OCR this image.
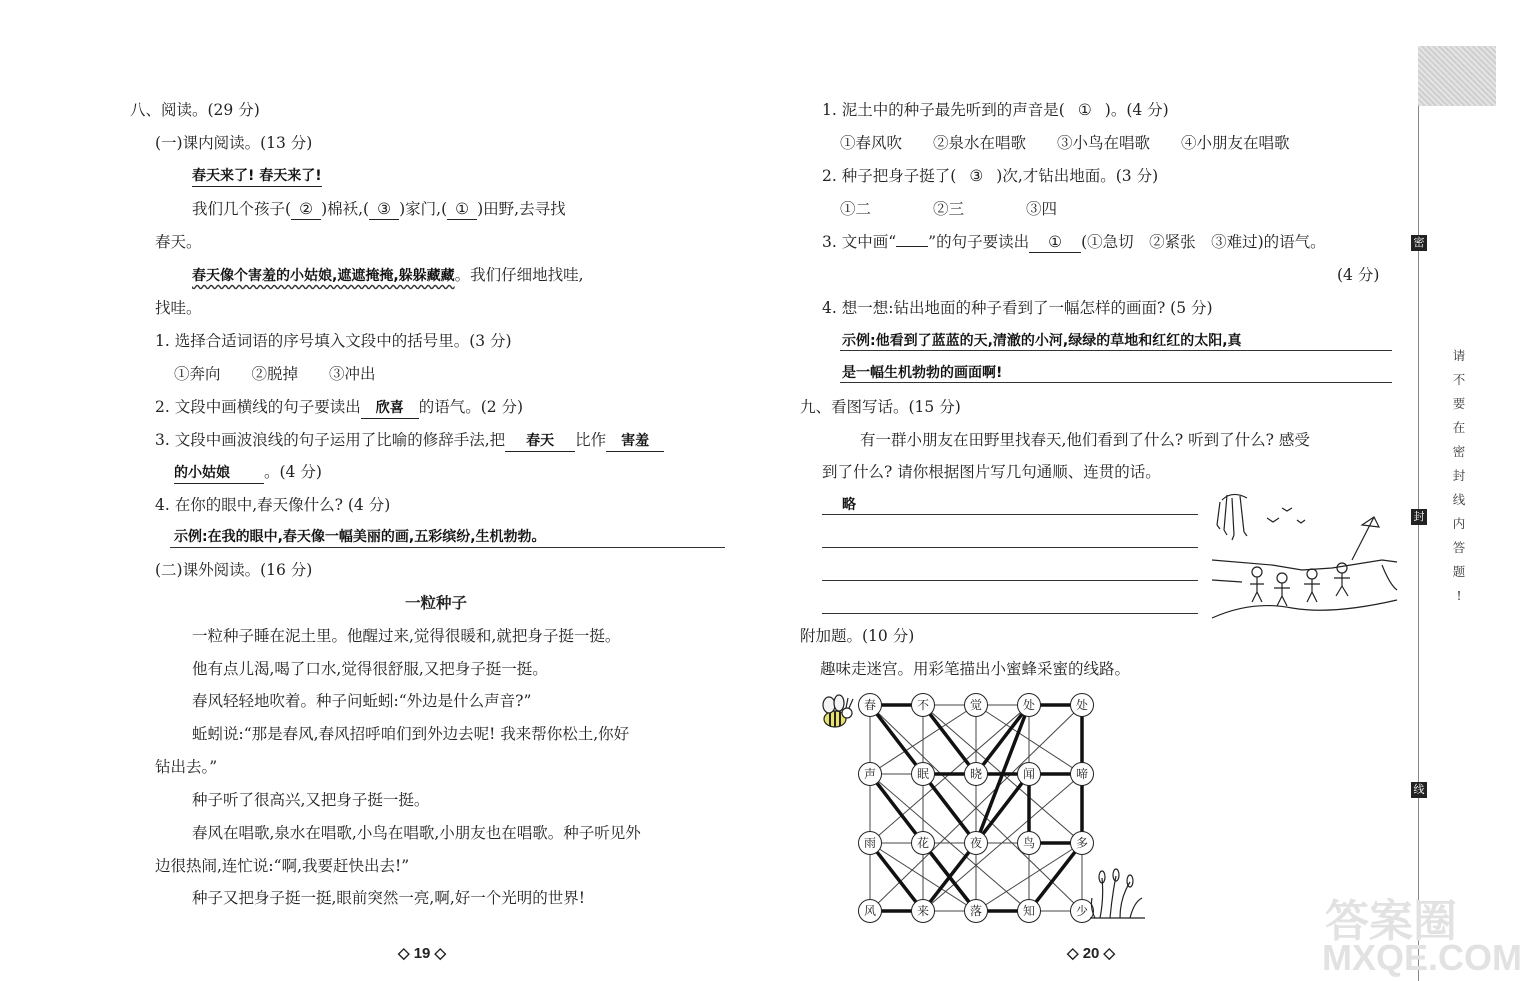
八、阅读。(29 分)
(一)课内阅读。(13 分)
春天来了! 春天来了!
我们几个孩子( ② )棉袄,( ③ )家门,( ① )田野,去寻找
春天。
春天像个害羞的小姑娘,遮遮掩掩,躲躲藏藏。我们仔细地找哇,
找哇。
1. 选择合适词语的序号填入文段中的括号里。(3 分)
①奔向　　②脱掉　　③冲出
2. 文段中画横线的句子要读出 欣喜 的语气。(2 分)
3. 文段中画波浪线的句子运用了比喻的修辞手法,把 春天 比作 害羞
的小姑娘 。(4 分)
4. 在你的眼中,春天像什么? (4 分)
示例:在我的眼中,春天像一幅美丽的画,五彩缤纷,生机勃勃。
(二)课外阅读。(16 分)
一粒种子
一粒种子睡在泥土里。他醒过来,觉得很暖和,就把身子挺一挺。
他有点儿渴,喝了口水,觉得很舒服,又把身子挺一挺。
春风轻轻地吹着。种子问蚯蚓:“外边是什么声音?”
蚯蚓说:“那是春风,春风招呼咱们到外边去呢! 我来帮你松土,你好
钻出去。”
种子听了很高兴,又把身子挺一挺。
春风在唱歌,泉水在唱歌,小鸟在唱歌,小朋友也在唱歌。种子听见外
边很热闹,连忙说:“啊,我要赶快出去!”
种子又把身子挺一挺,眼前突然一亮,啊,好一个光明的世界!
◇ 19 ◇
1. 泥土中的种子最先听到的声音是( ① )。(4 分)
①春风吹　　②泉水在唱歌　　③小鸟在唱歌　　④小朋友在唱歌
2. 种子把身子挺了( ③ )次,才钻出地面。(3 分)
①二　　　　②三　　　　③四
3. 文中画“ ”的句子要读出 ① (①急切　②紧张　③难过)的语气。
(4 分)
4. 想一想:钻出地面的种子看到了一幅怎样的画面? (5 分)
示例:他看到了蓝蓝的天,清澈的小河,绿绿的草地和红红的太阳,真
是一幅生机勃勃的画面啊!
九、看图写话。(15 分)
有一群小朋友在田野里找春天,他们看到了什么? 听到了什么? 感受
到了什么? 请你根据图片写几句通顺、连贯的话。
略
附加题。(10 分)
趣味走迷宫。用彩笔描出小蜜蜂采蜜的线路。
春	不	觉	处	处
声	眠	晓	闻	啼
雨	花	夜	鸟	多
风	来	落	知	少
◇ 20 ◇
密
封
线
请
不
要
在
密
封
线
内
答
题
!
答案圈
MXQE.COM
